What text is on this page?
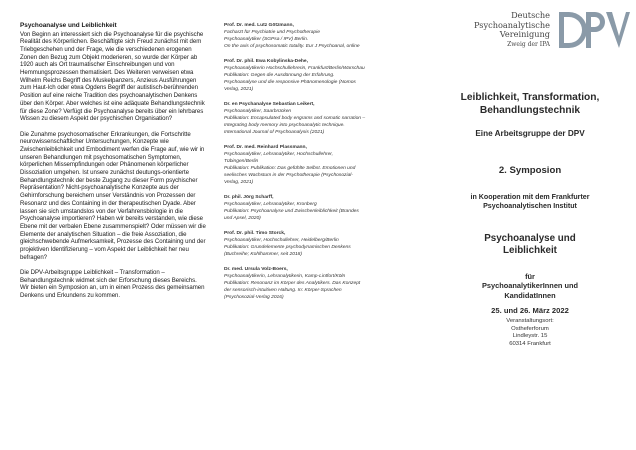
Psychoanalyse und Leiblichkeit

Von Beginn an interessiert sich die Psychoanalyse für die psychische Realität des Körperlichen. Beschäftigte sich Freud zunächst mit dem Triebgeschehen und der Frage, wie die verschiedenen erogenen Zonen den Bezug zum Objekt moderieren, so wurde der Körper ab 1920 auch als Ort traumatischer Einschreibungen und von Hemmungsprozessen thematisiert. Des Weiteren verweisen etwa Wilhelm Reichs Begriff des Muskelpanzers, Anzieus Ausführungen zum Haut-Ich oder etwa Ogdens Begriff der autistisch-berührenden Position auf eine reiche Tradition des psychoanalytischen Denkens über den Körper. Aber welches ist eine adäquate Behandlungstechnik für diese Zone? Verfügt die Psychoanalyse bereits über ein lehrbares Wissen zu diesem Aspekt der psychischen Organisation?

Die Zunahme psychosomatischer Erkrankungen, die Fortschritte neurowissenschaftlicher Untersuchungen, Konzepte wie Zwischenleiblichkeit und Embodiment werfen die Frage auf, wie wir in unseren Behandlungen mit psychosomatischen Symptomen, körperlichen Missempfindungen oder Phänomenen körperlicher Dissoziation umgehen. Ist unsere zunächst deutungs-orientierte Behandlungstechnik der beste Zugang zu dieser Form psychischer Repräsentation? Nicht-psychoanalytische Konzepte aus der Gehirnforschung bereichern unser Verständnis von Prozessen der Resonanz und des Containing in der therapeutischen Dyade. Aber lassen sie sich umstandslos von der Verfahrensbiologie in die Psychoanalyse importieren? Haben wir bereits verstanden, wie diese Ebene mit der verbalen Ebene zusammenspielt? Oder müssen wir die Elemente der analytischen Situation – die freie Assoziation, die gleichschwebende Aufmerksamkeit, Prozesse des Containing und der projektiven Identifizierung – vom Aspekt der Leiblichkeit her neu befragen?

Die DPV-Arbeitsgruppe Leiblichkeit – Transformation – Behandlungstechnik widmet sich der Erforschung dieses Bereichs. Wir bieten ein Symposion an, um in einen Prozess des gemeinsamen Denkens und Erkundens zu kommen.

Prof. Dr. med. Lutz Götzmann,
Facharzt für Psychiatrie und Psychotherapie
Psychoanalytiker (SGPsa / IPV) Berlin.
On the axis of psychosomatic totality. Eur J Psychoanal, online
Prof. Dr. phil. Ewa Kobylinska-Dehe,
Psychoanalytikerin Hochschullehrerin, Frankfurt/Berlin/Warschau
Publikation: Gegen die Ausdünnung der Erfahrung.
Psychoanalyse und die responsive Phänomenologie (Nomos
Verlag, 2021)
Dr. en Psychanalyse Sebastian Leikert,
Psychoanalytiker, Saarbrücken
Publikation: Encapsulated body engrams and somatic narration –
Integrating body memory into psychoanalytic technique.
International Journal of Psychoanalysis (2021)
Prof. Dr. med. Reinhard Plassmann,
Psychoanalytiker, Lehranalytiker, Hochschullehrer,
Tübingen/Berlin
Publikation: Publikation: Das gefühlte Selbst. Emotionen und
seelisches Wachstum in der Psychotherapie (Psychosozial-
Verlag, 2021)
Dr. phil. Jörg Scharff,
Psychoanalytiker, Lehranalytiker, Kronberg
Publikation: Psychoanalyse und Zwischenleiblichkeit (Brandes
und Apsel, 2020)
Prof. Dr. phil. Timo Storck,
Psychoanalytiker, Hochschullehrer, Heidelberg/Berlin
Publikation: Grundelemente psychodynamischen Denkens
(Buchreihe; Kohlhammer, seit 2018)
Dr. med. Ursula Volz-Boers,
Psychoanalytikerin, Lehranalytikerin, Kamp-Lintfort/Köln
Publikation: Resonanz im Körper des Analytikers. Das Konzept
der sensorisch-intuitiven Haltung. In: Körper-Sprachen
(Psychosozial-Verlag 2016)
Deutsche
Psychoanalytische
Vereinigung
Zweig der IPA
Leiblichkeit, Transformation,
Behandlungstechnik
Eine Arbeitsgruppe der DPV
2. Symposion
in Kooperation mit dem Frankfurter
Psychoanalytischen Institut
Psychoanalyse und
Leiblichkeit
für
PsychoanalytikerInnen und
KandidatInnen
25. und 26. März 2022
Veranstaltungsort:
Ostheferforum
Lindleystr. 15
60314 Frankfurt
